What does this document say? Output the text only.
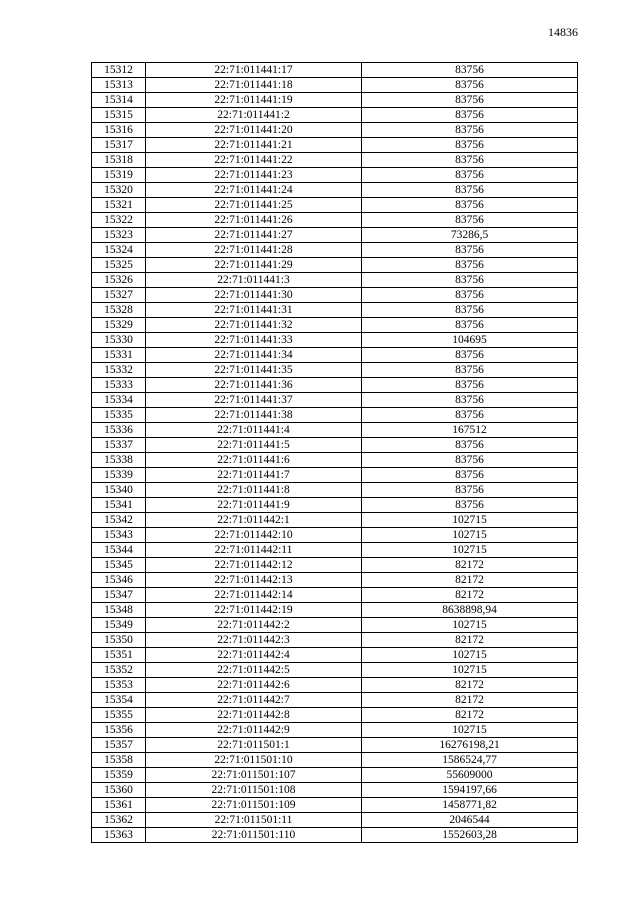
14836
15312	22:71:011441:17	83756
15313	22:71:011441:18	83756
15314	22:71:011441:19	83756
15315	22:71:011441:2	83756
15316	22:71:011441:20	83756
15317	22:71:011441:21	83756
15318	22:71:011441:22	83756
15319	22:71:011441:23	83756
15320	22:71:011441:24	83756
15321	22:71:011441:25	83756
15322	22:71:011441:26	83756
15323	22:71:011441:27	73286,5
15324	22:71:011441:28	83756
15325	22:71:011441:29	83756
15326	22:71:011441:3	83756
15327	22:71:011441:30	83756
15328	22:71:011441:31	83756
15329	22:71:011441:32	83756
15330	22:71:011441:33	104695
15331	22:71:011441:34	83756
15332	22:71:011441:35	83756
15333	22:71:011441:36	83756
15334	22:71:011441:37	83756
15335	22:71:011441:38	83756
15336	22:71:011441:4	167512
15337	22:71:011441:5	83756
15338	22:71:011441:6	83756
15339	22:71:011441:7	83756
15340	22:71:011441:8	83756
15341	22:71:011441:9	83756
15342	22:71:011442:1	102715
15343	22:71:011442:10	102715
15344	22:71:011442:11	102715
15345	22:71:011442:12	82172
15346	22:71:011442:13	82172
15347	22:71:011442:14	82172
15348	22:71:011442:19	8638898,94
15349	22:71:011442:2	102715
15350	22:71:011442:3	82172
15351	22:71:011442:4	102715
15352	22:71:011442:5	102715
15353	22:71:011442:6	82172
15354	22:71:011442:7	82172
15355	22:71:011442:8	82172
15356	22:71:011442:9	102715
15357	22:71:011501:1	16276198,21
15358	22:71:011501:10	1586524,77
15359	22:71:011501:107	55609000
15360	22:71:011501:108	1594197,66
15361	22:71:011501:109	1458771,82
15362	22:71:011501:11	2046544
15363	22:71:011501:110	1552603,28
